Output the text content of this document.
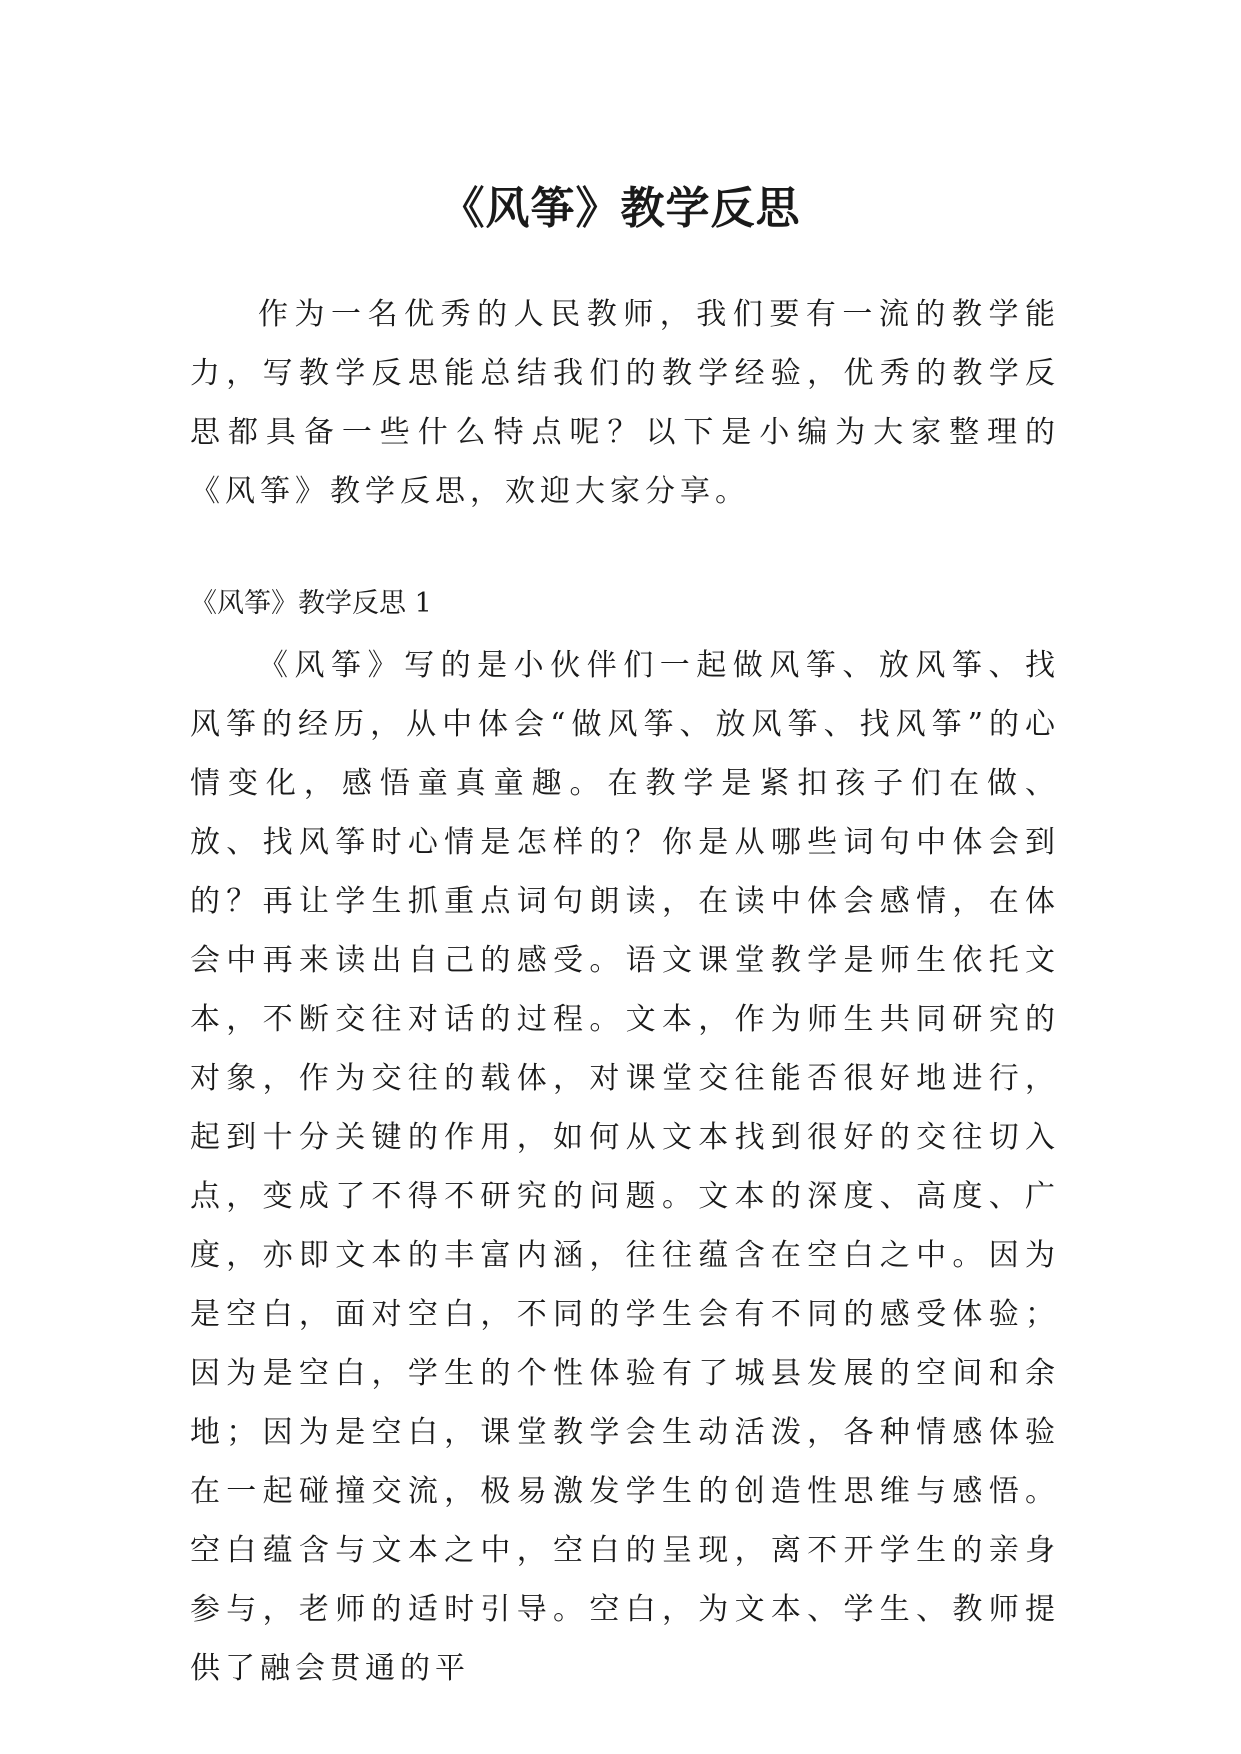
《风筝》教学反思

作为一名优秀的人民教师，我们要有一流的教学能力，写教学反思能总结我们的教学经验，优秀的教学反思都具备一些什么特点呢？以下是小编为大家整理的《风筝》教学反思，欢迎大家分享。

《风筝》教学反思 1

《风筝》写的是小伙伴们一起做风筝、放风筝、找风筝的经历，从中体会“做风筝、放风筝、找风筝”的心情变化，感悟童真童趣。在教学是紧扣孩子们在做、放、找风筝时心情是怎样的？你是从哪些词句中体会到的？再让学生抓重点词句朗读，在读中体会感情，在体会中再来读出自己的感受。语文课堂教学是师生依托文本，不断交往对话的过程。文本，作为师生共同研究的对象，作为交往的载体，对课堂交往能否很好地进行，起到十分关键的作用，如何从文本找到很好的交往切入点，变成了不得不研究的问题。文本的深度、高度、广度，亦即文本的丰富内涵，往往蕴含在空白之中。因为是空白，面对空白，不同的学生会有不同的感受体验；因为是空白，学生的个性体验有了城县发展的空间和余地；因为是空白，课堂教学会生动活泼，各种情感体验在一起碰撞交流，极易激发学生的创造性思维与感悟。空白蕴含与文本之中，空白的呈现，离不开学生的亲身参与，老师的适时引导。空白，为文本、学生、教师提供了融会贯通的平
